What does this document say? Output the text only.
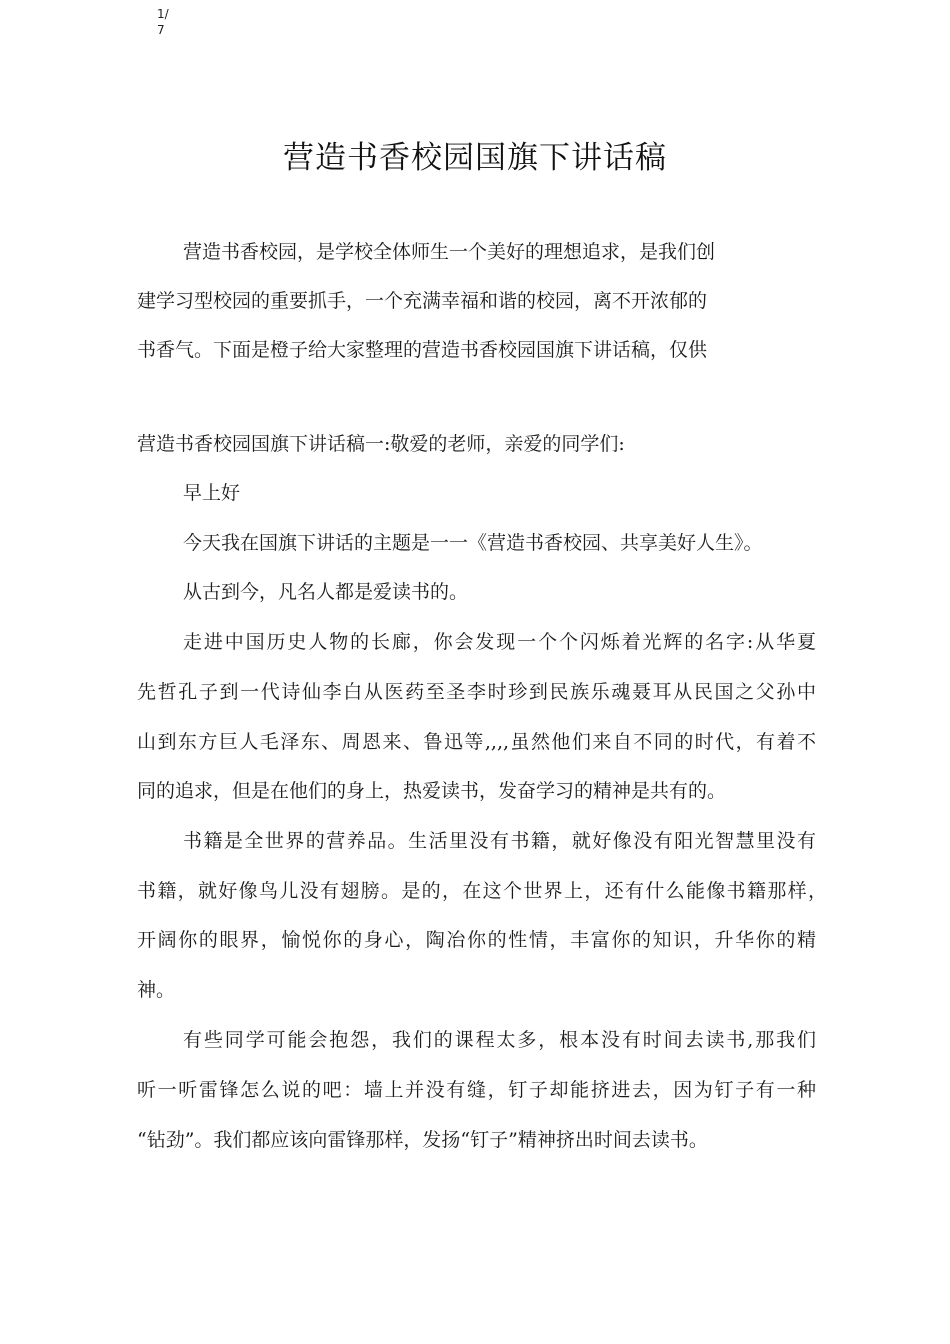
1/
7
营造书香校园国旗下讲话稿
营造书香校园，是学校全体师生一个美好的理想追求，是我们创
建学习型校园的重要抓手，一个充满幸福和谐的校园，离不开浓郁的
书香气。下面是橙子给大家整理的营造书香校园国旗下讲话稿，仅供
营造书香校园国旗下讲话稿一:敬爱的老师，亲爱的同学们:
早上好
今天我在国旗下讲话的主题是一一《营造书香校园、共享美好人生》。
从古到今，凡名人都是爱读书的。
走进中国历史人物的长廊，你会发现一个个闪烁着光辉的名字:从华夏
先哲孔子到一代诗仙李白从医药至圣李时珍到民族乐魂聂耳从民国之父孙中
山到东方巨人毛泽东、周恩来、鲁迅等,,,,虽然他们来自不同的时代，有着不
同的追求，但是在他们的身上，热爱读书，发奋学习的精神是共有的。
书籍是全世界的营养品。生活里没有书籍，就好像没有阳光智慧里没有
书籍，就好像鸟儿没有翅膀。是的，在这个世界上，还有什么能像书籍那样，
开阔你的眼界，愉悦你的身心，陶冶你的性情，丰富你的知识，升华你的精
神。
有些同学可能会抱怨，我们的课程太多，根本没有时间去读书,那我们
听一听雷锋怎么说的吧：墙上并没有缝，钉子却能挤进去，因为钉子有一种
“钻劲”。我们都应该向雷锋那样，发扬“钉子”精神挤出时间去读书。
